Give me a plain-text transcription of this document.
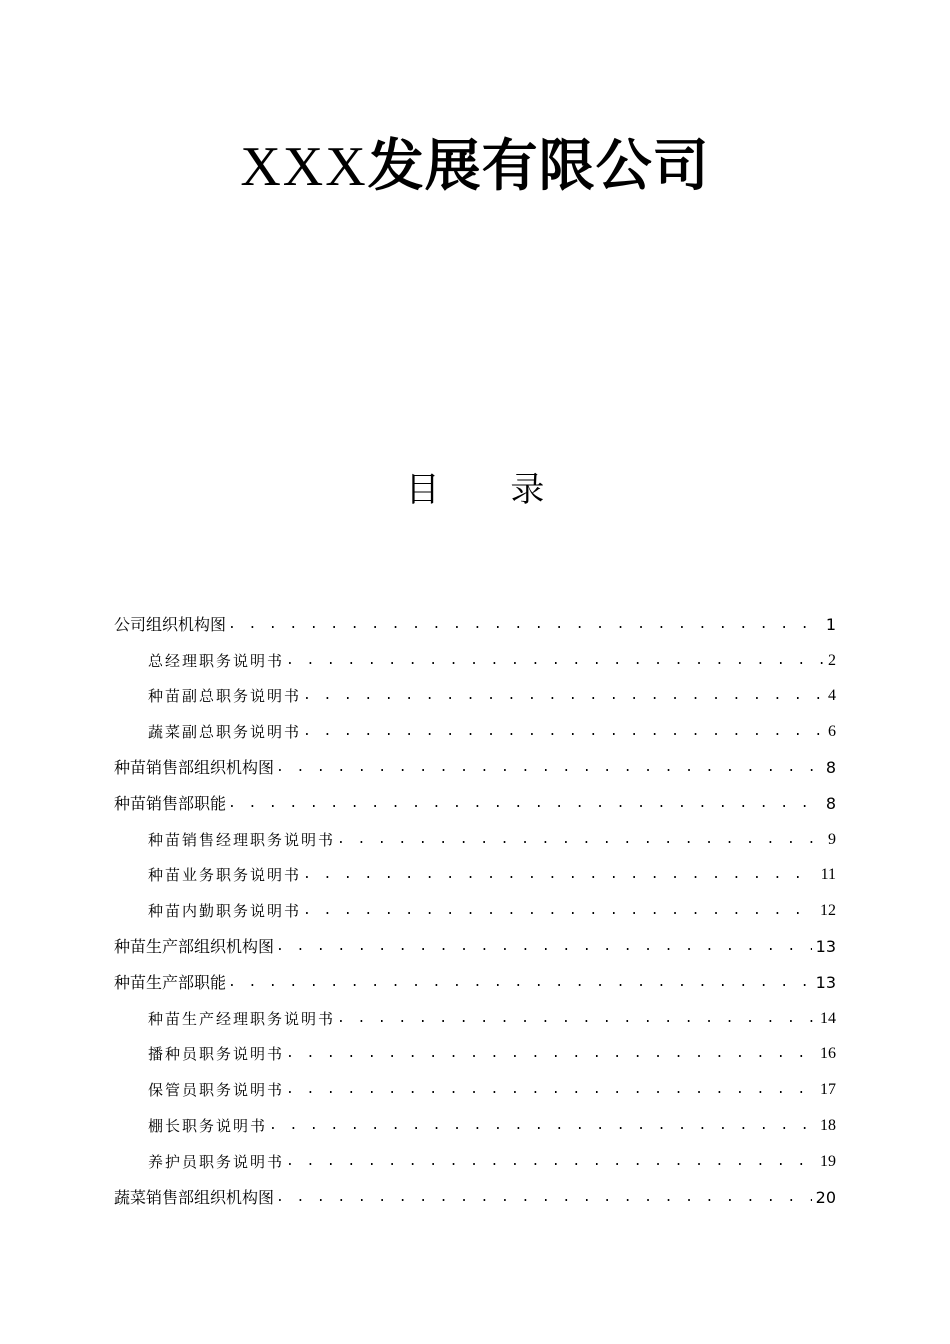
XXX发展有限公司
目 录
公司组织机构图 . . .	1
总经理职务说明书 . . .	2
种苗副总职务说明书 . . .	4
蔬菜副总职务说明书 . . .	6
种苗销售部组织机构图 . . .	8
种苗销售部职能 . . .	8
种苗销售经理职务说明书 . . .	9
种苗业务职务说明书 . . .	11
种苗内勤职务说明书 . . .	12
种苗生产部组织机构图 . . .	13
种苗生产部职能 . . .	13
种苗生产经理职务说明书 . . .	14
播种员职务说明书 . . .	16
保管员职务说明书 . . .	17
棚长职务说明书 . . .	18
养护员职务说明书 . . .	19
蔬菜销售部组织机构图 . . .	20
